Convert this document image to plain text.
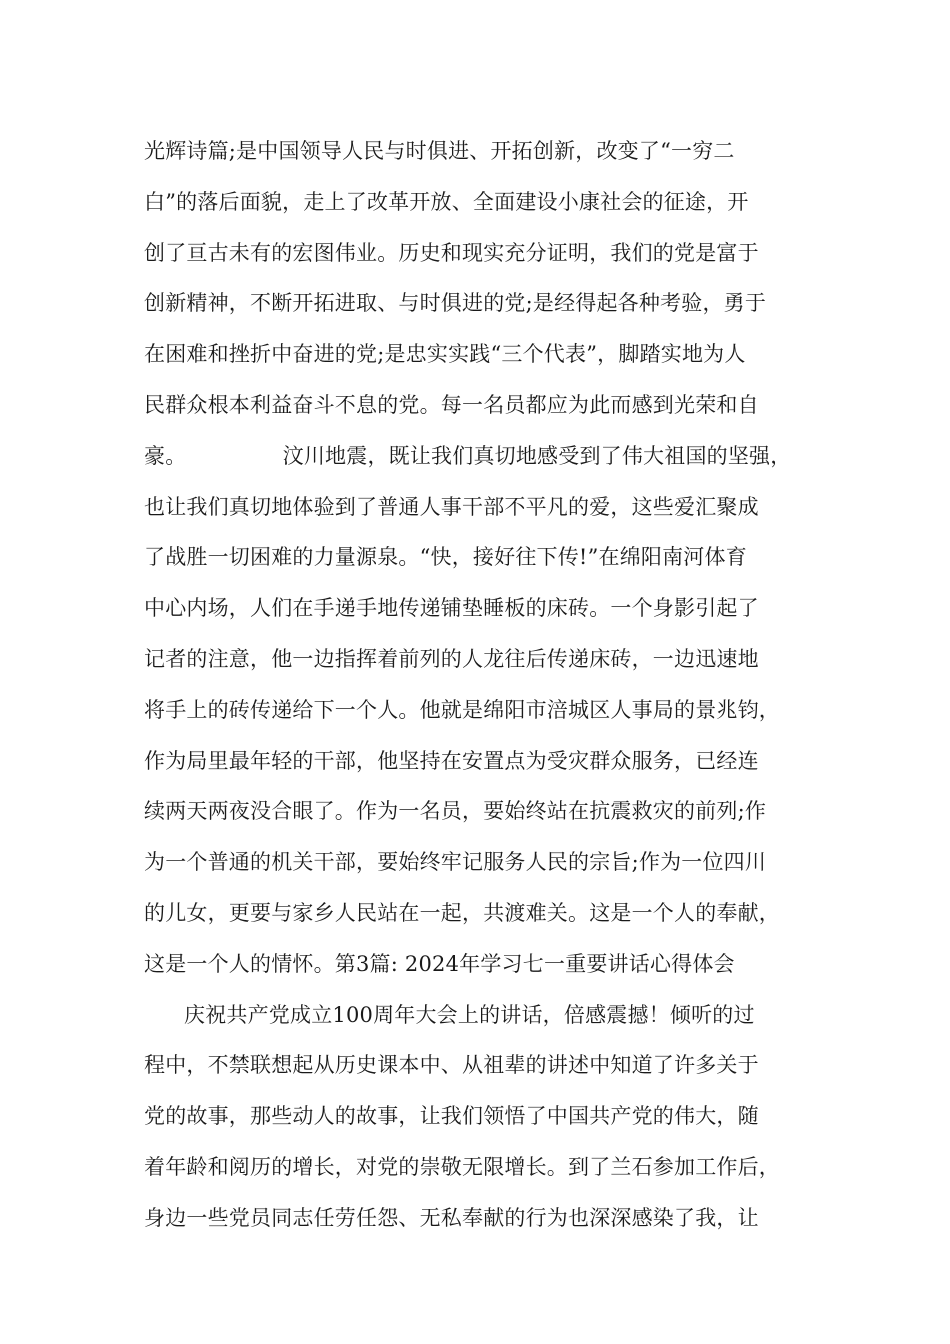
光辉诗篇;是中国领导人民与时俱进、开拓创新，改变了“一穷二
白”的落后面貌，走上了改革开放、全面建设小康社会的征途，开
创了亘古未有的宏图伟业。历史和现实充分证明，我们的党是富于
创新精神，不断开拓进取、与时俱进的党;是经得起各种考验，勇于
在困难和挫折中奋进的党;是忠实实践“三个代表”，脚踏实地为人
民群众根本利益奋斗不息的党。每一名员都应为此而感到光荣和自
豪。              汶川地震，既让我们真切地感受到了伟大祖国的坚强，
也让我们真切地体验到了普通人事干部不平凡的爱，这些爱汇聚成
了战胜一切困难的力量源泉。“快，接好往下传!”在绵阳南河体育
中心内场，人们在手递手地传递铺垫睡板的床砖。一个身影引起了
记者的注意，他一边指挥着前列的人龙往后传递床砖，一边迅速地
将手上的砖传递给下一个人。他就是绵阳市涪城区人事局的景兆钧，
作为局里最年轻的干部，他坚持在安置点为受灾群众服务，已经连
续两天两夜没合眼了。作为一名员，要始终站在抗震救灾的前列;作
为一个普通的机关干部，要始终牢记服务人民的宗旨;作为一位四川
的儿女，更要与家乡人民站在一起，共渡难关。这是一个人的奉献，
这是一个人的情怀。第3篇: 2024年学习七一重要讲话心得体会
庆祝共产党成立100周年大会上的讲话，倍感震撼！倾听的过
程中，不禁联想起从历史课本中、从祖辈的讲述中知道了许多关于
党的故事，那些动人的故事，让我们领悟了中国共产党的伟大，随
着年龄和阅历的增长，对党的崇敬无限增长。到了兰石参加工作后，
身边一些党员同志任劳任怨、无私奉献的行为也深深感染了我，让
